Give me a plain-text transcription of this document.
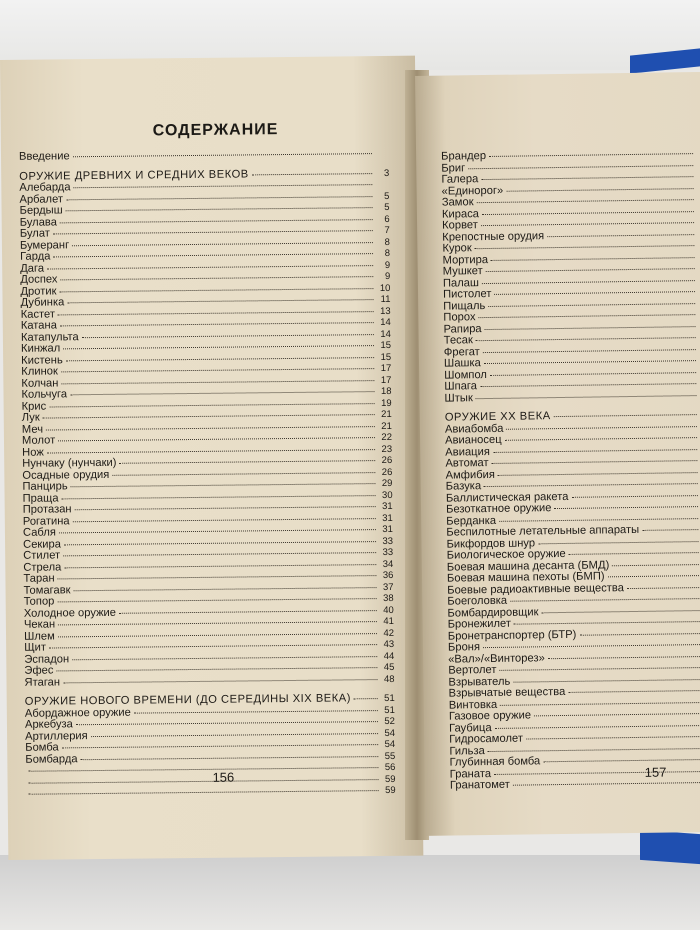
СОДЕРЖАНИЕ
Введение
ОРУЖИЕ ДРЕВНИХ И СРЕДНИХ ВЕКОВ	3
Алебарда
Арбалет	5
Бердыш	5
Булава	6
Булат	7
Бумеранг	8
Гарда	8
Дага	9
Доспех	9
Дротик	10
Дубинка	11
Кастет	13
Катана	14
Катапульта	14
Кинжал	15
Кистень	15
Клинок	17
Колчан	17
Кольчуга	18
Крис	19
Лук	21
Меч	21
Молот	22
Нож	23
Нунчаку (нунчаки)	26
Осадные орудия	26
Панцирь	29
Праща	30
Протазан	31
Рогатина	31
Сабля	31
Секира	33
Стилет	33
Стрела	34
Таран	36
Томагавк	37
Топор	38
Холодное оружие	40
Чекан	41
Шлем	42
Щит	43
Эспадон	44
Эфес	45
Ятаган	48
ОРУЖИЕ НОВОГО ВРЕМЕНИ (ДО СЕРЕДИНЫ XIX ВЕКА)	51
Абордажное оружие	51
Аркебуза	52
Артиллерия	54
Бомба	54
Бомбарда	55
56
59
59
156
Брандер
Бриг
Галера
«Единорог»
Замок
Кираса
Корвет
Крепостные орудия
Курок
Мортира
Мушкет
Палаш
Пистолет
Пищаль
Порох
Рапира
Тесак
Фрегат
Шашка
Шомпол
Шпага
Штык
ОРУЖИЕ XX ВЕКА
Авиабомба
Авианосец
Авиация
Автомат
Амфибия
Базука
Баллистическая ракета
Безоткатное оружие
Берданка
Беспилотные летательные аппараты
Бикфордов шнур
Биологическое оружие
Боевая машина десанта (БМД)
Боевая машина пехоты (БМП)
Боевые радиоактивные вещества
Боеголовка
Бомбардировщик
Бронежилет
Бронетранспортер (БТР)
Броня
«Вал»/«Винторез»
Вертолет
Взрыватель
Взрывчатые вещества
Винтовка
Газовое оружие
Гаубица
Гидросамолет
Гильза
Глубинная бомба
Граната
Гранатомет
157
